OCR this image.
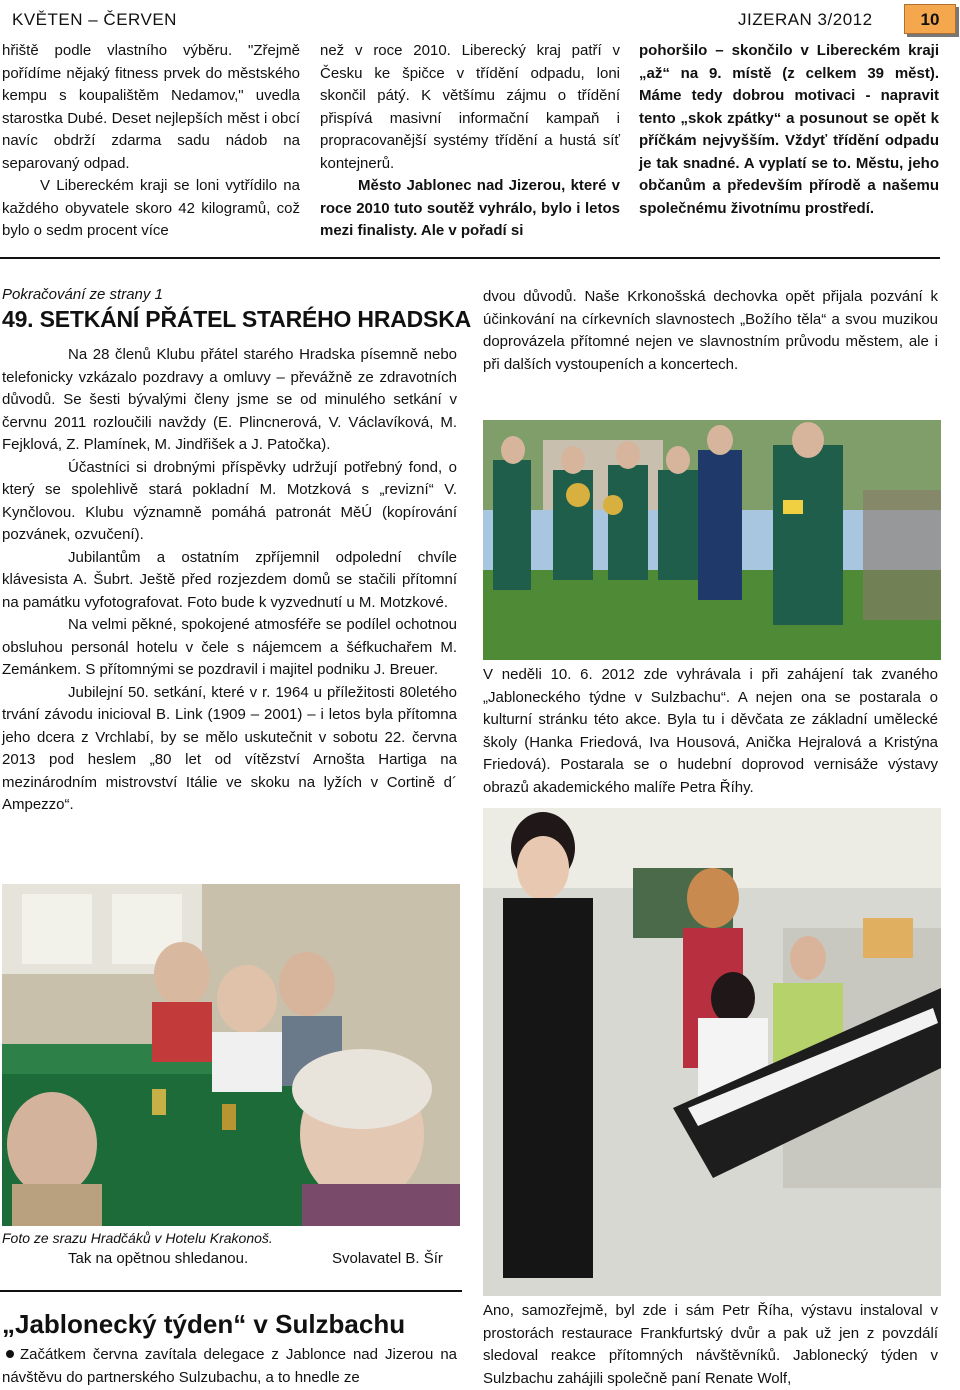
KVĚTEN – ČERVEN	JIZERAN 3/2012	10

hřiště podle vlastního výběru. "Zřejmě pořídíme nějaký fitness prvek do městského kempu s koupalištěm Nedamov," uvedla starostka Dubé. Deset nejlepších měst i obcí navíc obdrží zdarma sadu nádob na separovaný odpad.

V Libereckém kraji se loni vytřídilo na každého obyvatele skoro 42 kilogramů, což bylo o sedm procent více

než v roce 2010. Liberecký kraj patří v Česku ke špičce v třídění odpadu, loni skončil pátý. K většímu zájmu o třídění přispívá masivní informační kampaň i propracovanější systémy třídění a hustá síť kontejnerů.

Město Jablonec nad Jizerou, které v roce 2010 tuto soutěž vyhrálo, bylo i letos mezi finalisty. Ale v pořadí si

pohoršilo – skončilo v Libereckém kraji „až“ na 9. místě (z celkem 39 měst). Máme tedy dobrou motivaci - napravit tento „skok zpátky“ a posunout se opět k příčkám nejvyšším. Vždyť třídění odpadu je tak snadné. A vyplatí se to. Městu, jeho občanům a především přírodě a našemu společnému životnímu prostředí.

Pokračování ze strany 1
49. SETKÁNÍ PŘÁTEL STARÉHO HRADSKA

Na 28 členů Klubu přátel starého Hradska písemně nebo telefonicky vzkázalo pozdravy a omluvy – převážně ze zdravotních důvodů. Se šesti bývalými členy jsme se od minulého setkání v červnu 2011 rozloučili navždy (E. Plincnerová, V. Václavíková, M. Fejklová, Z. Plamínek, M. Jindřišek a J. Patočka).

Účastníci si drobnými příspěvky udržují potřebný fond, o který se spolehlivě stará pokladní M. Motzková s „revizní“ V. Kynčlovou. Klubu významně pomáhá patronát MěÚ (kopírování pozvánek, ozvučení).

Jubilantům a ostatním zpříjemnil odpolední chvíle klávesista A. Šubrt. Ještě před rozjezdem domů se stačili přítomní na památku vyfotografovat. Foto bude k vyzvednutí u M. Motzkové.

Na velmi pěkné, spokojené atmosféře se podílel ochotnou obsluhou personál hotelu v čele s nájemcem a šéfkuchařem M. Zemánkem. S přítomnými se pozdravil i majitel podniku J. Breuer.

Jubilejní 50. setkání, které v r. 1964 u příležitosti 80letého trvání závodu inicioval B. Link (1909 – 2001) – i letos byla přítomna jeho dcera z Vrchlabí, by se mělo uskutečnit v sobotu 22. června 2013 pod heslem „80 let od vítězství Arnošta Hartiga na mezinárodním mistrovství Itálie ve skoku na lyžích v Cortině d´ Ampezzo“.

Foto ze srazu Hradčáků v Hotelu Krakonoš.
Tak na opětnou shledanou.	Svolavatel B. Šír
„Jablonecký týden“ v Sulzbachu
Začátkem června zavítala delegace z Jablonce nad Jizerou na návštěvu do partnerského Sulzubachu, a to hnedle ze

dvou důvodů. Naše Krkonošská dechovka opět přijala pozvání k účinkování na církevních slavnostech „Božího těla“ a svou muzikou doprovázela přítomné nejen ve slavnostním průvodu městem, ale i při dalších vystoupeních a koncertech.

V neděli 10. 6. 2012 zde vyhrávala i při zahájení tak zvaného „Jabloneckého týdne v Sulzbachu“. A nejen ona se postarala o kulturní stránku této akce. Byla tu i děvčata ze základní umělecké školy (Hanka Friedová, Iva Housová, Anička Hejralová a Kristýna Friedová). Postarala se o hudební doprovod vernisáže výstavy obrazů akademického malíře Petra Říhy.

Ano, samozřejmě, byl zde i sám Petr Říha, výstavu instaloval v prostorách restaurace Frankfurtský dvůr a pak už jen z povzdálí sledoval reakce přítomných návštěvníků. Jablonecký týden v Sulzbachu zahájili společně paní Renate Wolf,
